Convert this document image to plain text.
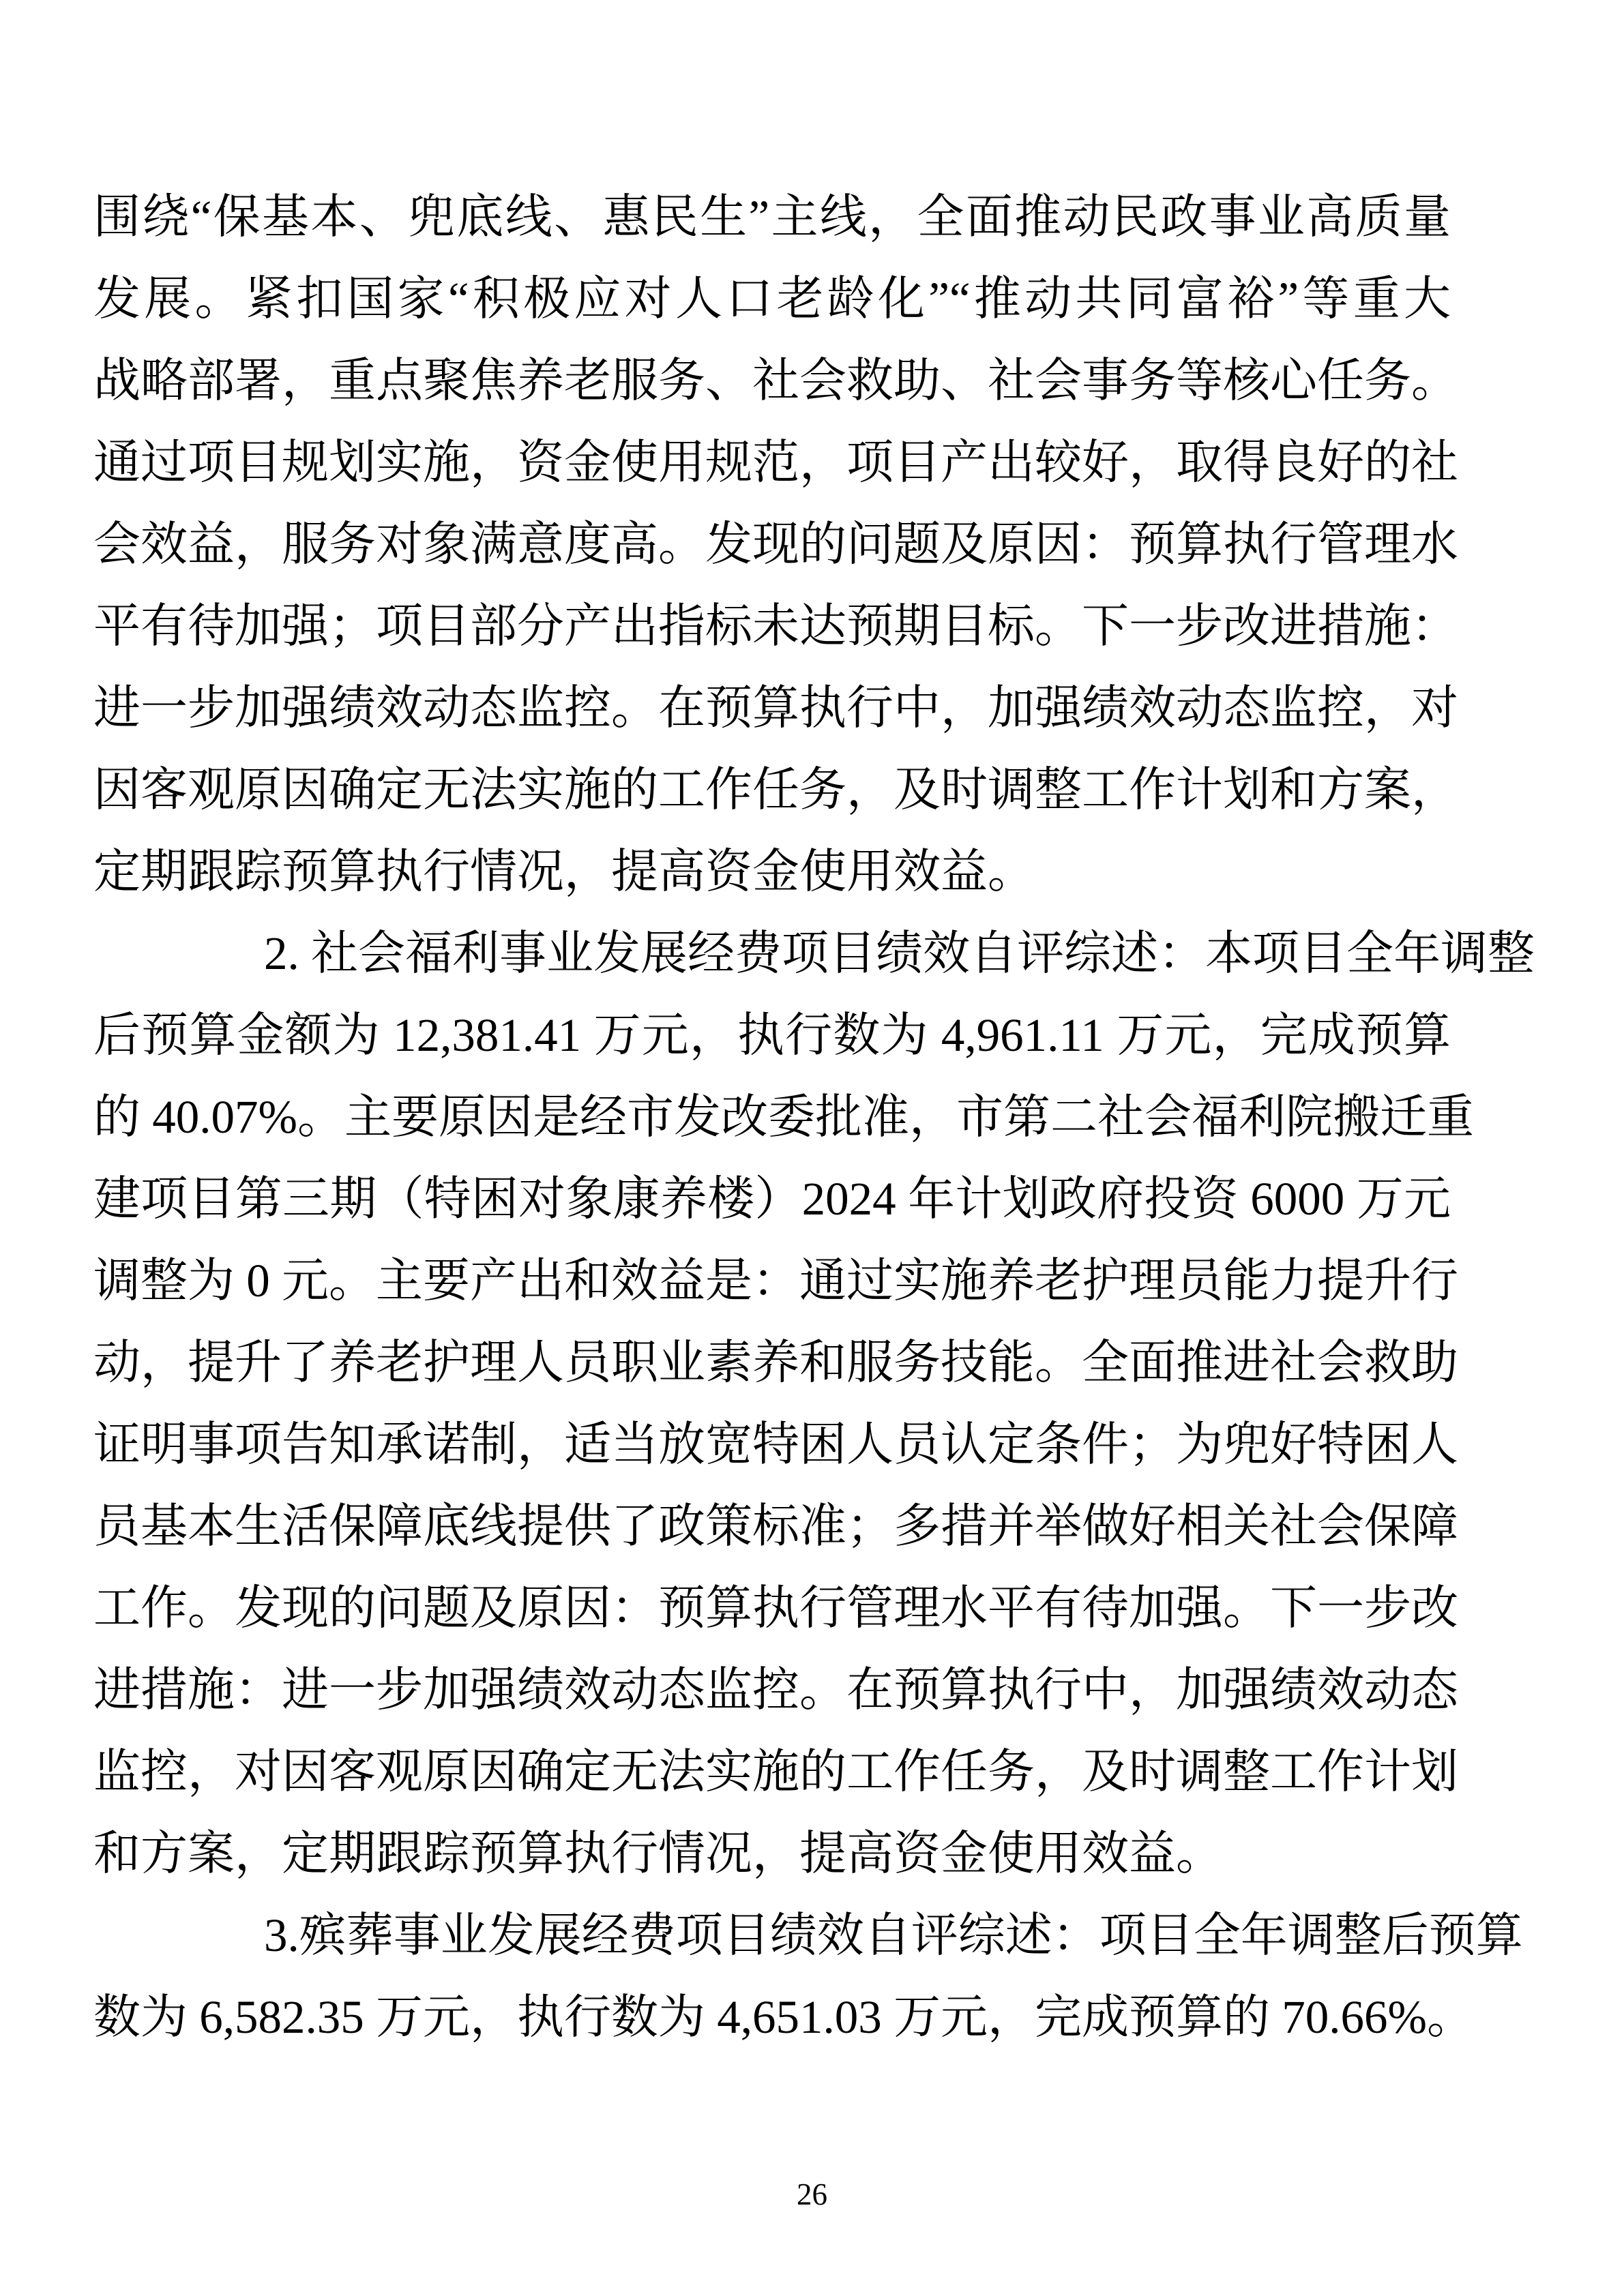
围绕“保基本、兜底线、惠民生”主线，全面推动民政事业高质量
发展。紧扣国家“积极应对人口老龄化”“推动共同富裕”等重大
战略部署，重点聚焦养老服务、社会救助、社会事务等核心任务。
通过项目规划实施，资金使用规范，项目产出较好，取得良好的社
会效益，服务对象满意度高。发现的问题及原因：预算执行管理水
平有待加强；项目部分产出指标未达预期目标。下一步改进措施：
进一步加强绩效动态监控。在预算执行中，加强绩效动态监控，对
因客观原因确定无法实施的工作任务，及时调整工作计划和方案，
定期跟踪预算执行情况，提高资金使用效益。
2. 社会福利事业发展经费项目绩效自评综述：本项目全年调整
后预算金额为 12,381.41 万元，执行数为 4,961.11 万元，完成预算
的 40.07%。主要原因是经市发改委批准，市第二社会福利院搬迁重
建项目第三期（特困对象康养楼）2024 年计划政府投资 6000 万元
调整为 0 元。主要产出和效益是：通过实施养老护理员能力提升行
动，提升了养老护理人员职业素养和服务技能。全面推进社会救助
证明事项告知承诺制，适当放宽特困人员认定条件；为兜好特困人
员基本生活保障底线提供了政策标准；多措并举做好相关社会保障
工作。发现的问题及原因：预算执行管理水平有待加强。下一步改
进措施：进一步加强绩效动态监控。在预算执行中，加强绩效动态
监控，对因客观原因确定无法实施的工作任务，及时调整工作计划
和方案，定期跟踪预算执行情况，提高资金使用效益。
3.殡葬事业发展经费项目绩效自评综述：项目全年调整后预算
数为 6,582.35 万元，执行数为 4,651.03 万元，完成预算的 70.66%。
26
